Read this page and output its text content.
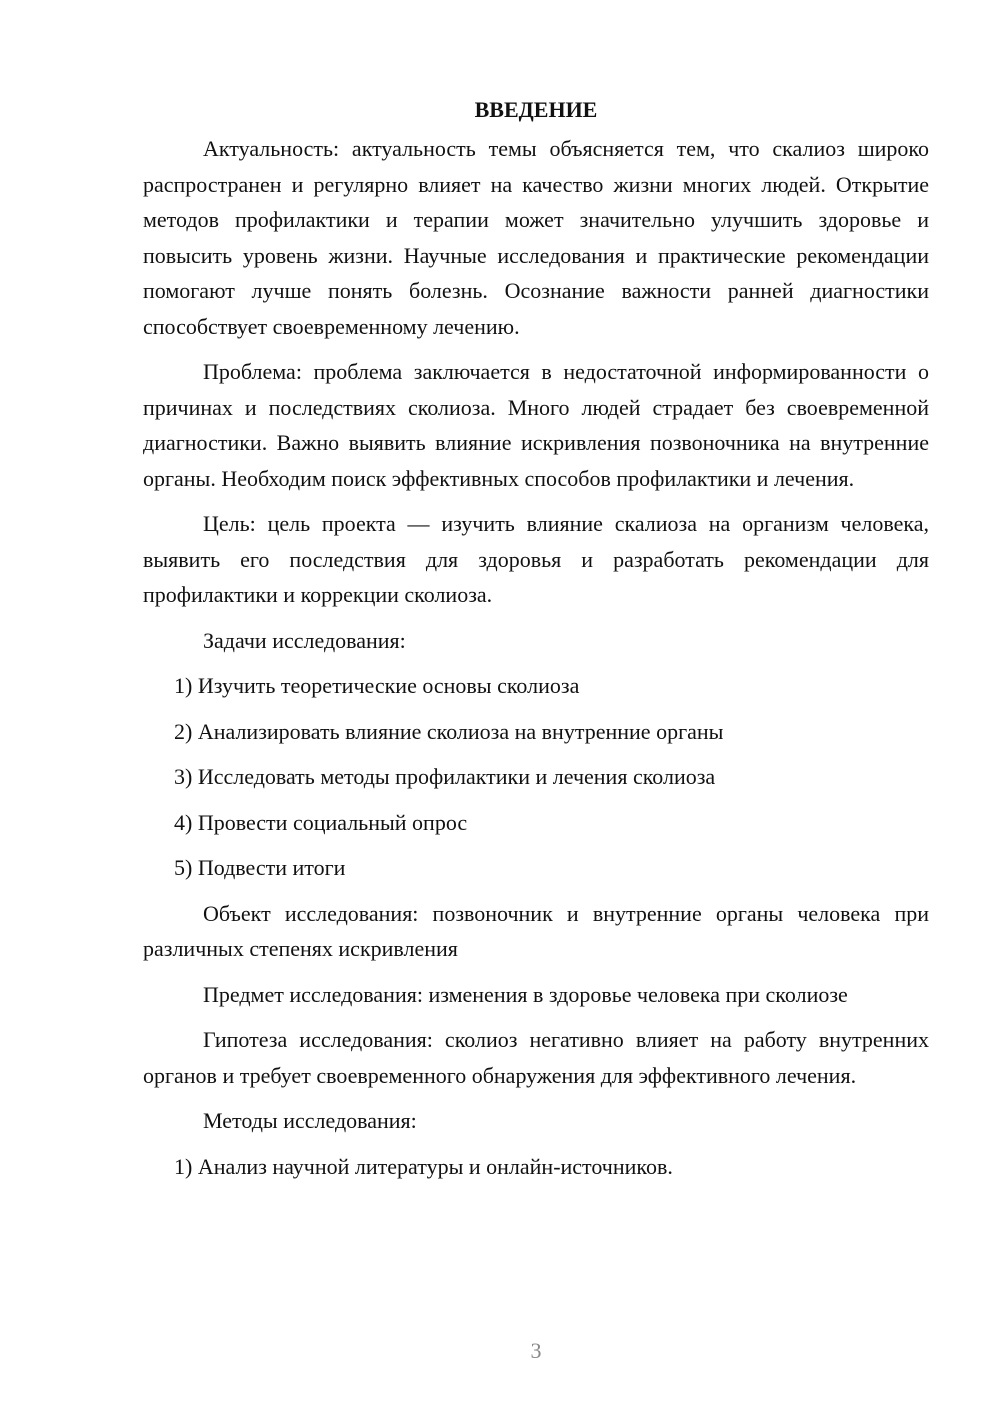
ВВЕДЕНИЕ

Актуальность: актуальность темы объясняется тем, что скалиоз широко распространен и регулярно влияет на качество жизни многих людей. Открытие методов профилактики и терапии может значительно улучшить здоровье и повысить уровень жизни. Научные исследования и практические рекомендации помогают лучше понять болезнь. Осознание важности ранней диагностики способствует своевременному лечению.

Проблема: проблема заключается в недостаточной информированности о причинах и последствиях сколиоза. Много людей страдает без своевременной диагностики. Важно выявить влияние искривления позвоночника на внутренние органы. Необходим поиск эффективных способов профилактики и лечения.

Цель: цель проекта — изучить влияние скалиоза на организм человека, выявить его последствия для здоровья и разработать рекомендации для профилактики и коррекции сколиоза.

Задачи исследования:

1) Изучить теоретические основы сколиоза
2) Анализировать влияние сколиоза на внутренние органы
3) Исследовать методы профилактики и лечения сколиоза
4) Провести социальный опрос
5) Подвести итоги

Объект исследования: позвоночник и внутренние органы человека при различных степенях искривления

Предмет исследования: изменения в здоровье человека при сколиозе

Гипотеза исследования: сколиоз негативно влияет на работу внутренних органов и требует своевременного обнаружения для эффективного лечения.

Методы исследования:

1) Анализ научной литературы и онлайн-источников.
3
